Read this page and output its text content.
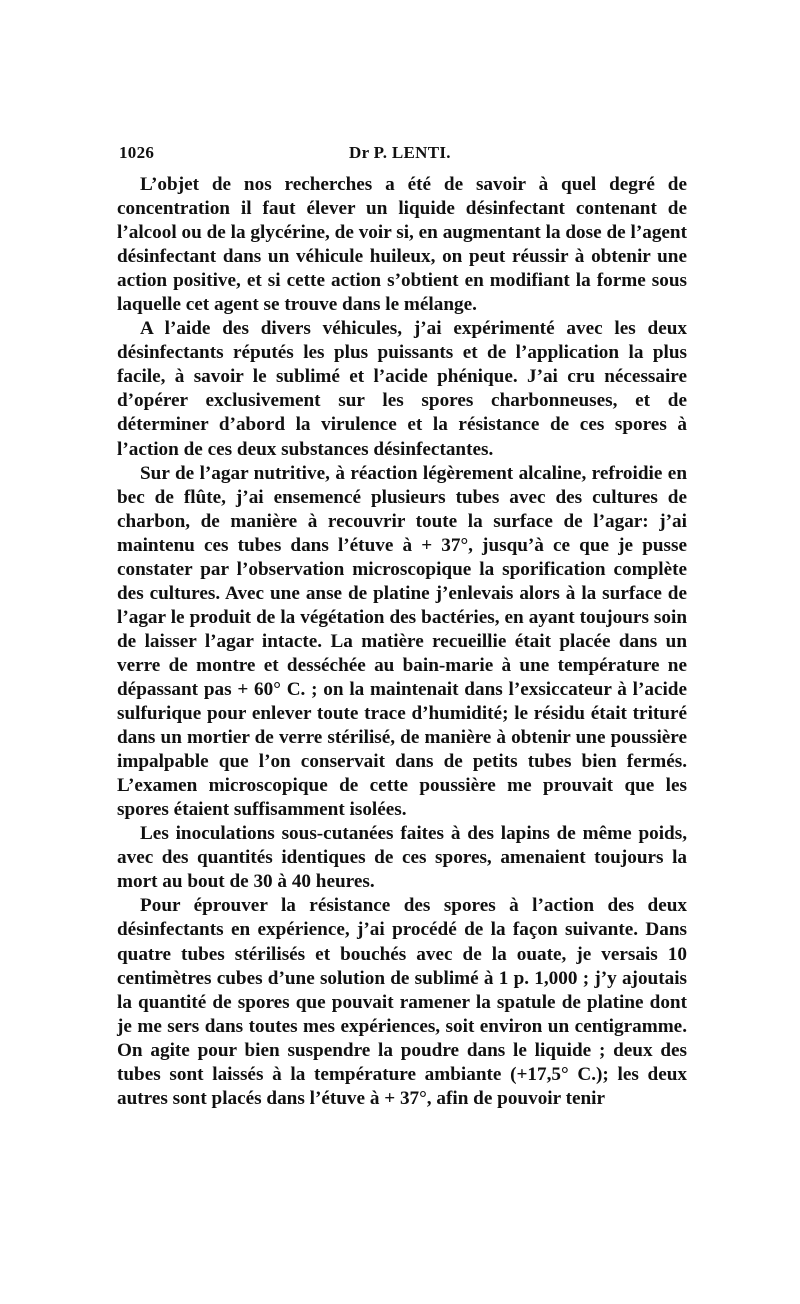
1026	Dr P. LENTI.

L’objet de nos recherches a été de savoir à quel degré de concentration il faut élever un liquide désinfectant contenant de l’alcool ou de la glycérine, de voir si, en augmentant la dose de l’agent désinfectant dans un véhicule huileux, on peut réussir à obtenir une action positive, et si cette action s’obtient en modifiant la forme sous laquelle cet agent se trouve dans le mélange.

A l’aide des divers véhicules, j’ai expérimenté avec les deux désinfectants réputés les plus puissants et de l’application la plus facile, à savoir le sublimé et l’acide phénique. J’ai cru nécessaire d’opérer exclusivement sur les spores charbonneuses, et de déterminer d’abord la virulence et la résistance de ces spores à l’action de ces deux substances désinfectantes.

Sur de l’agar nutritive, à réaction légèrement alcaline, refroidie en bec de flûte, j’ai ensemencé plusieurs tubes avec des cultures de charbon, de manière à recouvrir toute la surface de l’agar: j’ai maintenu ces tubes dans l’étuve à + 37°, jusqu’à ce que je pusse constater par l’observation microscopique la sporification complète des cultures. Avec une anse de platine j’enlevais alors à la surface de l’agar le produit de la végétation des bactéries, en ayant toujours soin de laisser l’agar intacte. La matière recueillie était placée dans un verre de montre et desséchée au bain-marie à une température ne dépassant pas + 60° C. ; on la maintenait dans l’exsiccateur à l’acide sulfurique pour enlever toute trace d’humidité; le résidu était trituré dans un mortier de verre stérilisé, de manière à obtenir une poussière impalpable que l’on conservait dans de petits tubes bien fermés. L’examen microscopique de cette poussière me prouvait que les spores étaient suffisamment isolées.

Les inoculations sous-cutanées faites à des lapins de même poids, avec des quantités identiques de ces spores, amenaient toujours la mort au bout de 30 à 40 heures.

Pour éprouver la résistance des spores à l’action des deux désinfectants en expérience, j’ai procédé de la façon suivante. Dans quatre tubes stérilisés et bouchés avec de la ouate, je versais 10 centimètres cubes d’une solution de sublimé à 1 p. 1,000 ; j’y ajoutais la quantité de spores que pouvait ramener la spatule de platine dont je me sers dans toutes mes expériences, soit environ un centigramme. On agite pour bien suspendre la poudre dans le liquide ; deux des tubes sont laissés à la température ambiante (+17,5° C.); les deux autres sont placés dans l’étuve à + 37°, afin de pouvoir tenir
